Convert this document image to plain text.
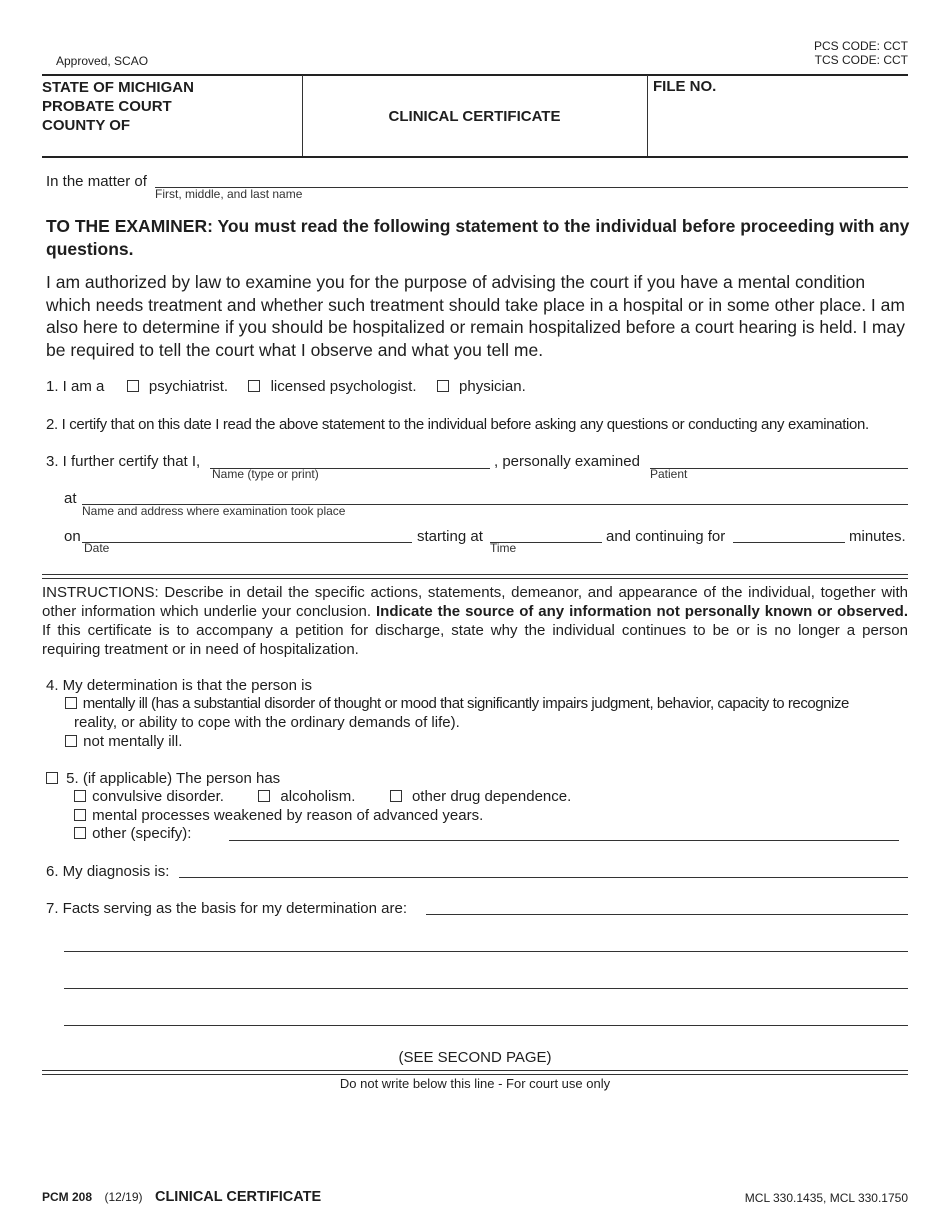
Approved, SCAO
PCS CODE: CCT
TCS CODE: CCT
STATE OF MICHIGAN
PROBATE COURT
COUNTY OF
CLINICAL CERTIFICATE
FILE NO.
In the matter of
First, middle, and last name
TO THE EXAMINER: You must read the following statement to the individual before proceeding with any questions.
I am authorized by law to examine you for the purpose of advising the court if you have a mental condition which needs treatment and whether such treatment should take place in a hospital or in some other place. I am also here to determine if you should be hospitalized or remain hospitalized before a court hearing is held. I may be required to tell the court what I observe and what you tell me.
1. I am a	psychiatrist.	licensed psychologist.	physician.
2. I certify that on this date I read the above statement to the individual before asking any questions or conducting any examination.
3. I further certify that I,
Name (type or print)
, personally examined
Patient
at
Name and address where examination took place
on
Date
starting at
Time
and continuing for	minutes.
INSTRUCTIONS: Describe in detail the specific actions, statements, demeanor, and appearance of the individual, together with other information which underlie your conclusion. Indicate the source of any information not personally known or observed. If this certificate is to accompany a petition for discharge, state why the individual continues to be or is no longer a person requiring treatment or in need of hospitalization.
4. My determination is that the person is
mentally ill (has a substantial disorder of thought or mood that significantly impairs judgment, behavior, capacity to recognize
reality, or ability to cope with the ordinary demands of life).
not mentally ill.
5. (if applicable) The person has
convulsive disorder.	alcoholism.	other drug dependence.
mental processes weakened by reason of advanced years.
other (specify):
6. My diagnosis is:
7. Facts serving as the basis for my determination are:
(SEE SECOND PAGE)
Do not write below this line - For court use only
PCM 208 (12/19) CLINICAL CERTIFICATE	MCL 330.1435, MCL 330.1750
